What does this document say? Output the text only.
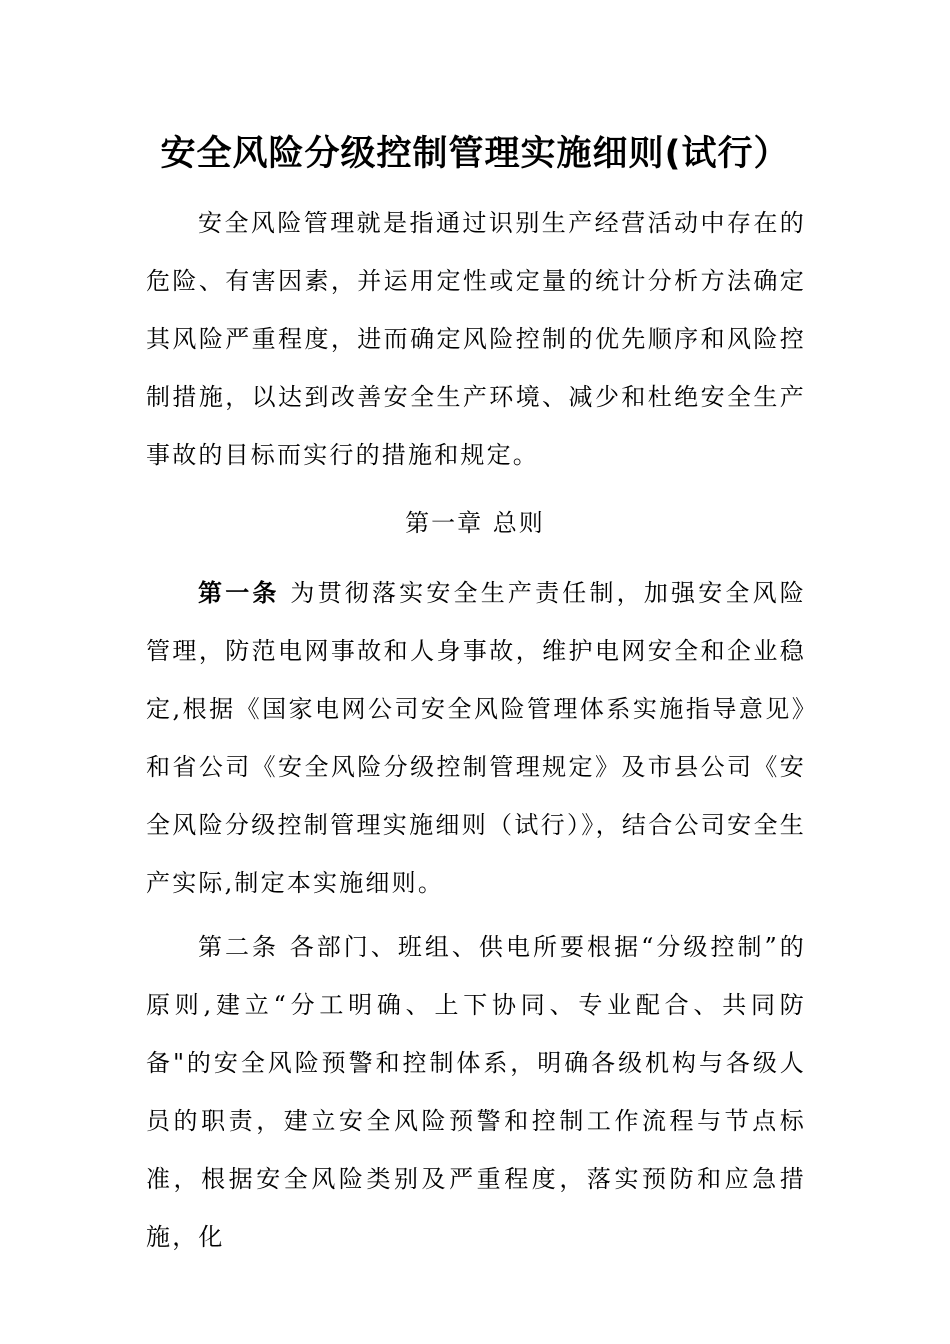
安全风险分级控制管理实施细则(试行）

安全风险管理就是指通过识别生产经营活动中存在的危险、有害因素，并运用定性或定量的统计分析方法确定其风险严重程度，进而确定风险控制的优先顺序和风险控制措施，以达到改善安全生产环境、减少和杜绝安全生产事故的目标而实行的措施和规定。

第一章 总则

第一条 为贯彻落实安全生产责任制，加强安全风险管理，防范电网事故和人身事故，维护电网安全和企业稳定,根据《国家电网公司安全风险管理体系实施指导意见》和省公司《安全风险分级控制管理规定》及市县公司《安全风险分级控制管理实施细则（试行）》，结合公司安全生产实际,制定本实施细则。

第二条 各部门、班组、供电所要根据“分级控制”的原则,建立“分工明确、上下协同、专业配合、共同防备"的安全风险预警和控制体系，明确各级机构与各级人员的职责，建立安全风险预警和控制工作流程与节点标准，根据安全风险类别及严重程度，落实预防和应急措施，化
